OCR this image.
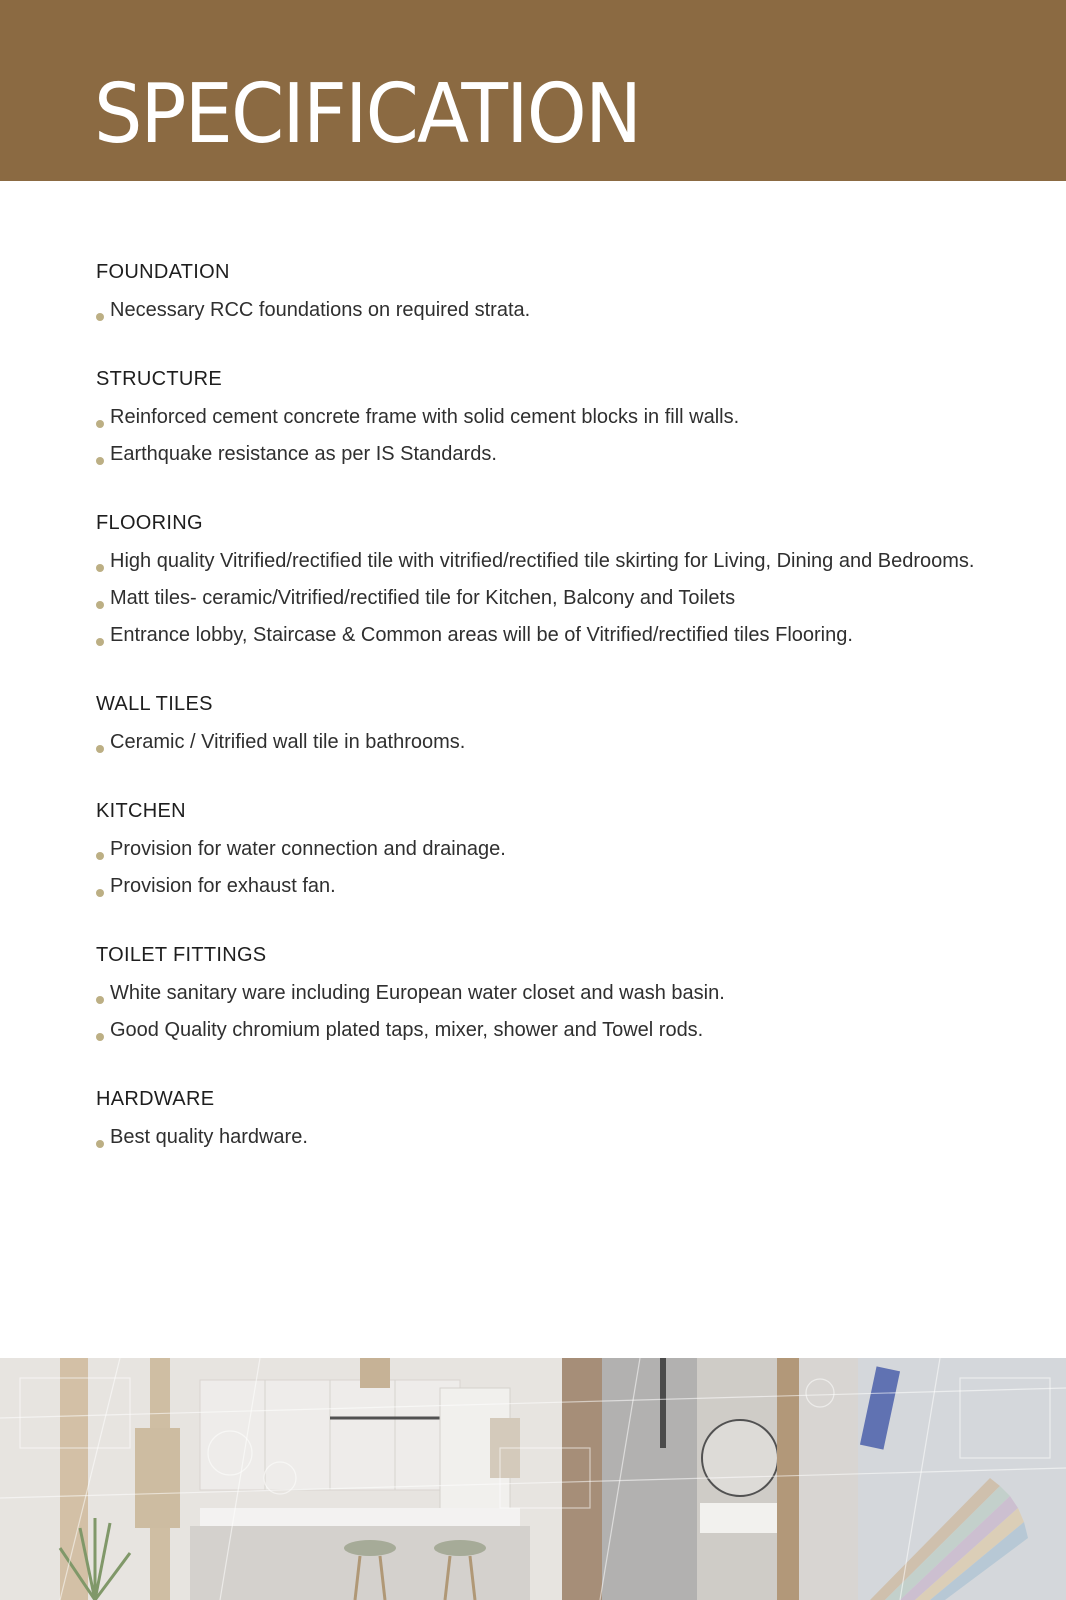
SPECIFICATION
FOUNDATION
Necessary RCC foundations on required strata.
STRUCTURE
Reinforced cement concrete frame with solid cement blocks in fill walls.
Earthquake resistance as per IS Standards.
FLOORING
High quality Vitrified/rectified tile with vitrified/rectified tile skirting for Living, Dining and Bedrooms.
Matt tiles- ceramic/Vitrified/rectified tile for Kitchen, Balcony and Toilets
Entrance lobby, Staircase & Common areas will be of Vitrified/rectified tiles Flooring.
WALL TILES
Ceramic / Vitrified wall tile in bathrooms.
KITCHEN
Provision for water connection and drainage.
Provision for exhaust fan.
TOILET FITTINGS
White sanitary ware including European water closet and wash basin.
Good Quality chromium plated taps, mixer, shower and Towel rods.
HARDWARE
Best quality hardware.
